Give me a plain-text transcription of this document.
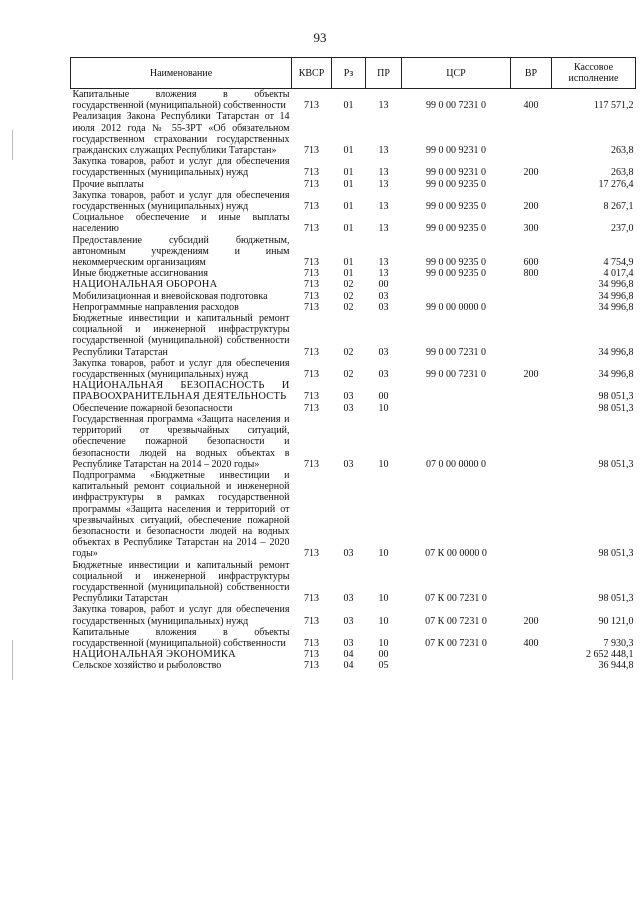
93
Наименование	КВСР	Рз	ПР	ЦСР	ВР	Кассовое исполнение
Капитальные вложения в объекты государственной (муниципальной) собственности	713	01	13	99 0 00 7231 0	400	117 571,2
Реализация Закона Республики Татарстан от 14 июля 2012 года № 55-ЗРТ «Об обязательном государственном страховании государственных гражданских служащих Республики Татарстан»	713	01	13	99 0 00 9231 0		263,8
Закупка товаров, работ и услуг для обеспечения государственных (муниципальных) нужд	713	01	13	99 0 00 9231 0	200	263,8
Прочие выплаты	713	01	13	99 0 00 9235 0		17 276,4
Закупка товаров, работ и услуг для обеспечения государственных (муниципальных) нужд	713	01	13	99 0 00 9235 0	200	8 267,1
Социальное обеспечение и иные выплаты населению	713	01	13	99 0 00 9235 0	300	237,0
Предоставление субсидий бюджетным, автономным учреждениям и иным некоммерческим организациям	713	01	13	99 0 00 9235 0	600	4 754,9
Иные бюджетные ассигнования	713	01	13	99 0 00 9235 0	800	4 017,4
НАЦИОНАЛЬНАЯ ОБОРОНА	713	02	00			34 996,8
Мобилизационная и вневойсковая подготовка	713	02	03			34 996,8
Непрограммные направления расходов	713	02	03	99 0 00 0000 0		34 996,8
Бюджетные инвестиции и капитальный ремонт социальной и инженерной инфраструктуры государственной (муниципальной) собственности Республики Татарстан	713	02	03	99 0 00 7231 0		34 996,8
Закупка товаров, работ и услуг для обеспечения государственных (муниципальных) нужд	713	02	03	99 0 00 7231 0	200	34 996,8
НАЦИОНАЛЬНАЯ БЕЗОПАСНОСТЬ И ПРАВООХРАНИТЕЛЬНАЯ ДЕЯТЕЛЬНОСТЬ	713	03	00			98 051,3
Обеспечение пожарной безопасности	713	03	10			98 051,3
Государственная программа «Защита населения и территорий от чрезвычайных ситуаций, обеспечение пожарной безопасности и безопасности людей на водных объектах в Республике Татарстан на 2014 – 2020 годы»	713	03	10	07 0 00 0000 0		98 051,3
Подпрограмма «Бюджетные инвестиции и капитальный ремонт социальной и инженерной инфраструктуры в рамках государственной программы «Защита населения и территорий от чрезвычайных ситуаций, обеспечение пожарной безопасности и безопасности людей на водных объектах в Республике Татарстан на 2014 – 2020 годы»	713	03	10	07 К 00 0000 0		98 051,3
Бюджетные инвестиции и капитальный ремонт социальной и инженерной инфраструктуры государственной (муниципальной) собственности Республики Татарстан	713	03	10	07 К 00 7231 0		98 051,3
Закупка товаров, работ и услуг для обеспечения государственных (муниципальных) нужд	713	03	10	07 К 00 7231 0	200	90 121,0
Капитальные вложения в объекты государственной (муниципальной) собственности	713	03	10	07 К 00 7231 0	400	7 930,3
НАЦИОНАЛЬНАЯ ЭКОНОМИКА	713	04	00			2 652 448,1
Сельское хозяйство и рыболовство	713	04	05			36 944,8
